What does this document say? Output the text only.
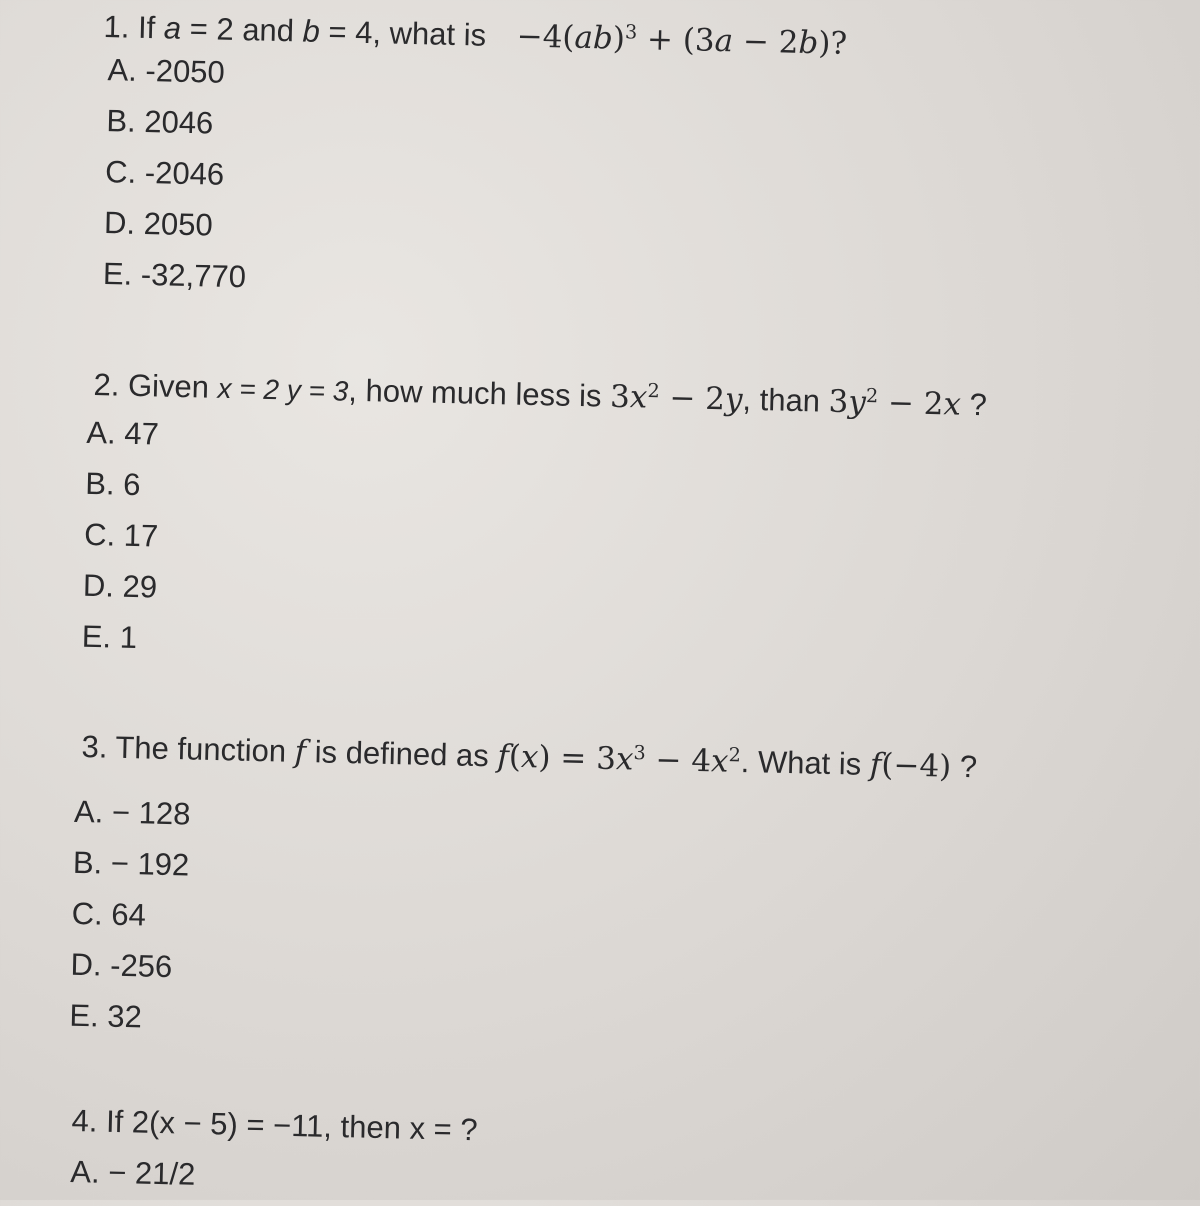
1. If a = 2 and b = 4, what is −4(ab)$^3$ + (3a − 2b)?
A. -2050
B. 2046
C. -2046
D. 2050
E. -32,770
2. Given x = 2 y = 3, how much less is $3x^2 - 2y$, than $3y^2 - 2x$ ?
A. 47
B. 6
C. 17
D. 29
E. 1
3. The function f is defined as $f(x) = 3x^3 - 4x^2$. What is f(−4) ?
A. − 128
B. − 192
C. 64
D. -256
E. 32
4. If 2(x − 5) = −11, then x = ?
A. − 21/2
